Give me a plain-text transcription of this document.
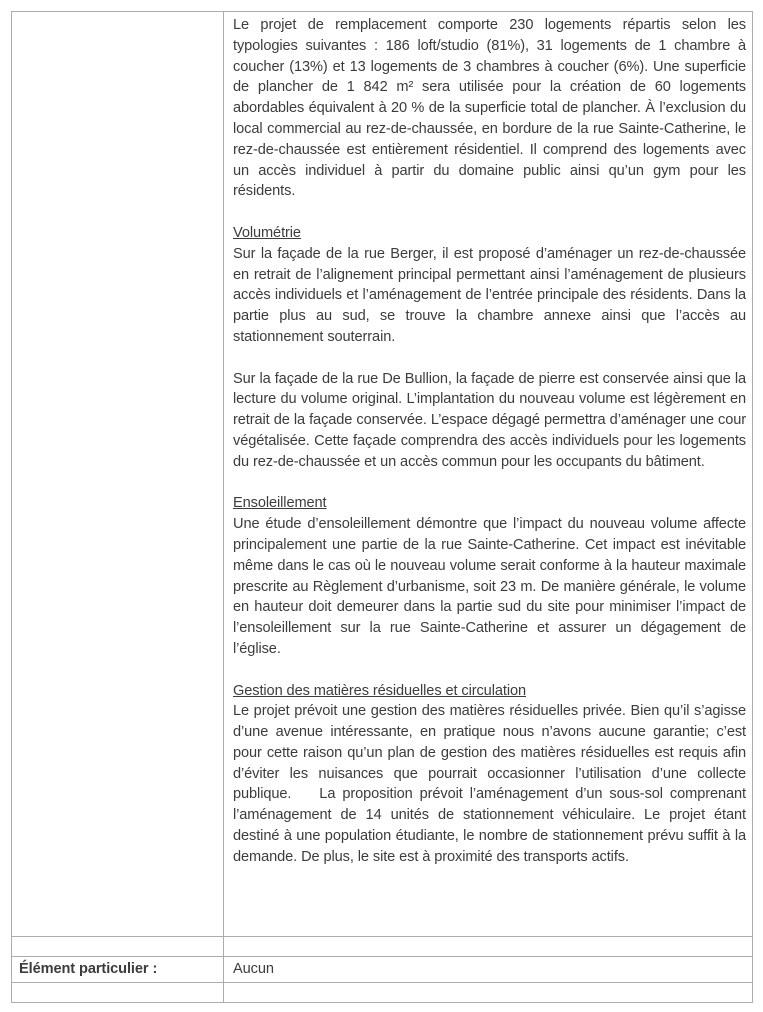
Le projet de remplacement comporte 230 logements répartis selon les typologies suivantes : 186 loft/studio (81%), 31 logements de 1 chambre à coucher (13%) et 13 logements de 3 chambres à coucher (6%). Une superficie de plancher de 1 842 m² sera utilisée pour la création de 60 logements abordables équivalent à 20 % de la superficie total de plancher. À l’exclusion du local commercial au rez-de-chaussée, en bordure de la rue Sainte-Catherine, le rez-de-chaussée est entièrement résidentiel. Il comprend des logements avec un accès individuel à partir du domaine public ainsi qu’un gym pour les résidents.
Volumétrie
Sur la façade de la rue Berger, il est proposé d’aménager un rez-de-chaussée en retrait de l’alignement principal permettant ainsi l’aménagement de plusieurs accès individuels et l’aménagement de l’entrée principale des résidents. Dans la partie plus au sud, se trouve la chambre annexe ainsi que l’accès au stationnement souterrain.
Sur la façade de la rue De Bullion, la façade de pierre est conservée ainsi que la lecture du volume original. L’implantation du nouveau volume est légèrement en retrait de la façade conservée. L’espace dégagé permettra d’aménager une cour végétalisée. Cette façade comprendra des accès individuels pour les logements du rez-de-chaussée et un accès commun pour les occupants du bâtiment.
Ensoleillement
Une étude d’ensoleillement démontre que l’impact du nouveau volume affecte principalement une partie de la rue Sainte-Catherine. Cet impact est inévitable même dans le cas où le nouveau volume serait conforme à la hauteur maximale prescrite au Règlement d’urbanisme, soit 23 m. De manière générale, le volume en hauteur doit demeurer dans la partie sud du site pour minimiser l’impact de l’ensoleillement sur la rue Sainte-Catherine et assurer un dégagement de l’église.
Gestion des matières résiduelles et circulation
Le projet prévoit une gestion des matières résiduelles privée. Bien qu’il s’agisse d’une avenue intéressante, en pratique nous n’avons aucune garantie; c’est pour cette raison qu’un plan de gestion des matières résiduelles est requis afin d’éviter les nuisances que pourrait occasionner l’utilisation d’une collecte publique.    La proposition prévoit l’aménagement d’un sous-sol comprenant l’aménagement de 14 unités de stationnement véhiculaire. Le projet étant destiné à une population étudiante, le nombre de stationnement prévu suffit à la demande. De plus, le site est à proximité des transports actifs.

Élément particulier :	Aucun
